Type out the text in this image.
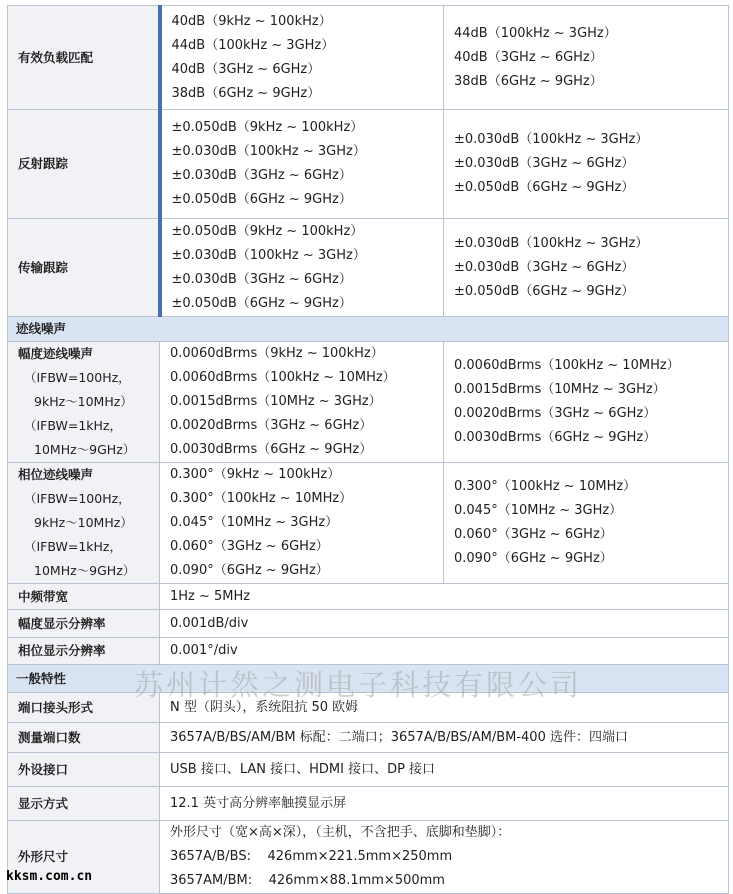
有效负载匹配	40dB（9kHz ~ 100kHz）
44dB（100kHz ~ 3GHz）
40dB（3GHz ~ 6GHz）
38dB（6GHz ~ 9GHz）	44dB（100kHz ~ 3GHz）
40dB（3GHz ~ 6GHz）
38dB（6GHz ~ 9GHz）

反射跟踪	±0.050dB（9kHz ~ 100kHz）
±0.030dB（100kHz ~ 3GHz）
±0.030dB（3GHz ~ 6GHz）
±0.050dB（6GHz ~ 9GHz）	±0.030dB（100kHz ~ 3GHz）
±0.030dB（3GHz ~ 6GHz）
±0.050dB（6GHz ~ 9GHz）

传输跟踪	±0.050dB（9kHz ~ 100kHz）
±0.030dB（100kHz ~ 3GHz）
±0.030dB（3GHz ~ 6GHz）
±0.050dB（6GHz ~ 9GHz）	±0.030dB（100kHz ~ 3GHz）
±0.030dB（3GHz ~ 6GHz）
±0.050dB（6GHz ~ 9GHz）

迹线噪声		

幅度迹线噪声
（IFBW=100Hz，
9kHz～10MHz）
（IFBW=1kHz，
10MHz～9GHz）	0.0060dBrms（9kHz ~ 100kHz）
0.0060dBrms（100kHz ~ 10MHz）
0.0015dBrms（10MHz ~ 3GHz）
0.0020dBrms（3GHz ~ 6GHz）
0.0030dBrms（6GHz ~ 9GHz）	0.0060dBrms（100kHz ~ 10MHz）
0.0015dBrms（10MHz ~ 3GHz）
0.0020dBrms（3GHz ~ 6GHz）
0.0030dBrms（6GHz ~ 9GHz）

相位迹线噪声
（IFBW=100Hz，
9kHz～10MHz）
（IFBW=1kHz，
10MHz～9GHz）	0.300°（9kHz ~ 100kHz）
0.300°（100kHz ~ 10MHz）
0.045°（10MHz ~ 3GHz）
0.060°（3GHz ~ 6GHz）
0.090°（6GHz ~ 9GHz）	0.300°（100kHz ~ 10MHz）
0.045°（10MHz ~ 3GHz）
0.060°（3GHz ~ 6GHz）
0.090°（6GHz ~ 9GHz）

中频带宽	1Hz ~ 5MHz	
幅度显示分辨率	0.001dB/div	
相位显示分辨率	0.001°/div	
一般特性		
端口接头形式	N 型（阴头），系统阻抗 50 欧姆	
测量端口数	3657A/B/BS/AM/BM 标配：二端口；3657A/B/BS/AM/BM-400 选件：四端口	
外设接口	USB 接口、LAN 接口、HDMI 接口、DP 接口	
显示方式	12.1 英寸高分辨率触摸显示屏	
外形尺寸	外形尺寸（宽×高×深），（主机，不含把手、底脚和垫脚）：
3657A/B/BS:    426mm×221.5mm×250mm
3657AM/BM:    426mm×88.1mm×500mm	
苏州计然之测电子科技有限公司
kksm.com.cn
